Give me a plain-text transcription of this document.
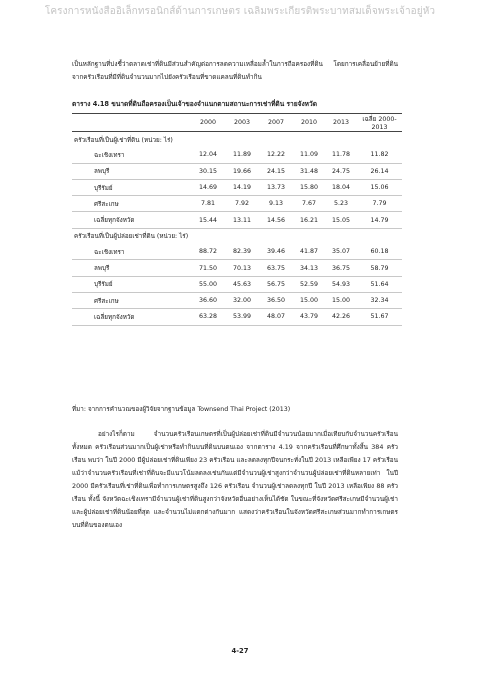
โครงการหนังสืออิเล็กทรอนิกส์ด้านการเกษตร เฉลิมพระเกียรติพระบาทสมเด็จพระเจ้าอยู่หัว

เป็นหลักฐานที่บ่งชี้ว่าตลาดเช่าที่ดินมีส่วนสำคัญต่อการลดความเหลื่อมล้ำในการถือครองที่ดิน โดยการเคลื่อนย้ายที่ดินจากครัวเรือนที่มีที่ดินจำนวนมากไปยังครัวเรือนที่ขาดแคลนที่ดินทำกิน

ตาราง 4.18 ขนาดที่ดินถือครองเป็นเจ้าของจำแนกตามสถานะการเช่าที่ดิน รายจังหวัด
	2000	2003	2007	2010	2013	เฉลี่ย 2000-2013
ครัวเรือนที่เป็นผู้เช่าที่ดิน (หน่วย: ไร่)						
ฉะเชิงเทรา	12.04	11.89	12.22	11.09	11.78	11.82
ลพบุรี	30.15	19.66	24.15	31.48	24.75	26.14
บุรีรัมย์	14.69	14.19	13.73	15.80	18.04	15.06
ศรีสะเกษ	7.81	7.92	9.13	7.67	5.23	7.79
เฉลี่ยทุกจังหวัด	15.44	13.11	14.56	16.21	15.05	14.79
ครัวเรือนที่เป็นผู้ปล่อยเช่าที่ดิน (หน่วย: ไร่)						
ฉะเชิงเทรา	88.72	82.39	39.46	41.87	35.07	60.18
ลพบุรี	71.50	70.13	63.75	34.13	36.75	58.79
บุรีรัมย์	55.00	45.63	56.75	52.59	54.93	51.64
ศรีสะเกษ	36.60	32.00	36.50	15.00	15.00	32.34
เฉลี่ยทุกจังหวัด	63.28	53.99	48.07	43.79	42.26	51.67
ที่มา: จากการคำนวณของผู้วิจัยจากฐานข้อมูล Townsend Thai Project (2013)

อย่างไรก็ตาม จำนวนครัวเรือนเกษตรที่เป็นผู้ปล่อยเช่าที่ดินมีจำนวนน้อยมากเมื่อเทียบกับจำนวนครัวเรือนทั้งหมด ครัวเรือนส่วนมากเป็นผู้เช่าหรือทำกินบนที่ดินบนตนเอง จากตาราง 4.19 จากครัวเรือนที่ศึกษาทั้งสิ้น 384 ครัวเรือน พบว่า ในปี 2000 มีผู้ปล่อยเช่าที่ดินเพียง 23 ครัวเรือน และลดลงทุกปีจนกระทั่งในปี 2013 เหลือเพียง 17 ครัวเรือน แม้ว่าจำนวนครัวเรือนที่เช่าที่ดินจะมีแนวโน้มลดลงเช่นกันแต่มีจำนวนผู้เช่าสูงกว่าจำนวนผู้ปล่อยเช่าที่ดินหลายเท่า ในปี 2000 มีครัวเรือนที่เช่าที่ดินเพื่อทำการเกษตรสูงถึง 126 ครัวเรือน จำนวนผู้เช่าลดลงทุกปี ในปี 2013 เหลือเพียง 88 ครัวเรือน ทั้งนี้ จังหวัดฉะเชิงเทรามีจำนวนผู้เช่าที่ดินสูงกว่าจังหวัดอื่นอย่างเห็นได้ชัด ในขณะที่จังหวัดศรีสะเกษมีจำนวนผู้เช่าและผู้ปล่อยเช่าที่ดินน้อยที่สุด และจำนวนไม่แตกต่างกันมาก แสดงว่าครัวเรือนในจังหวัดศรีสะเกษส่วนมากทำการเกษตรบนที่ดินของตนเอง

4-27
